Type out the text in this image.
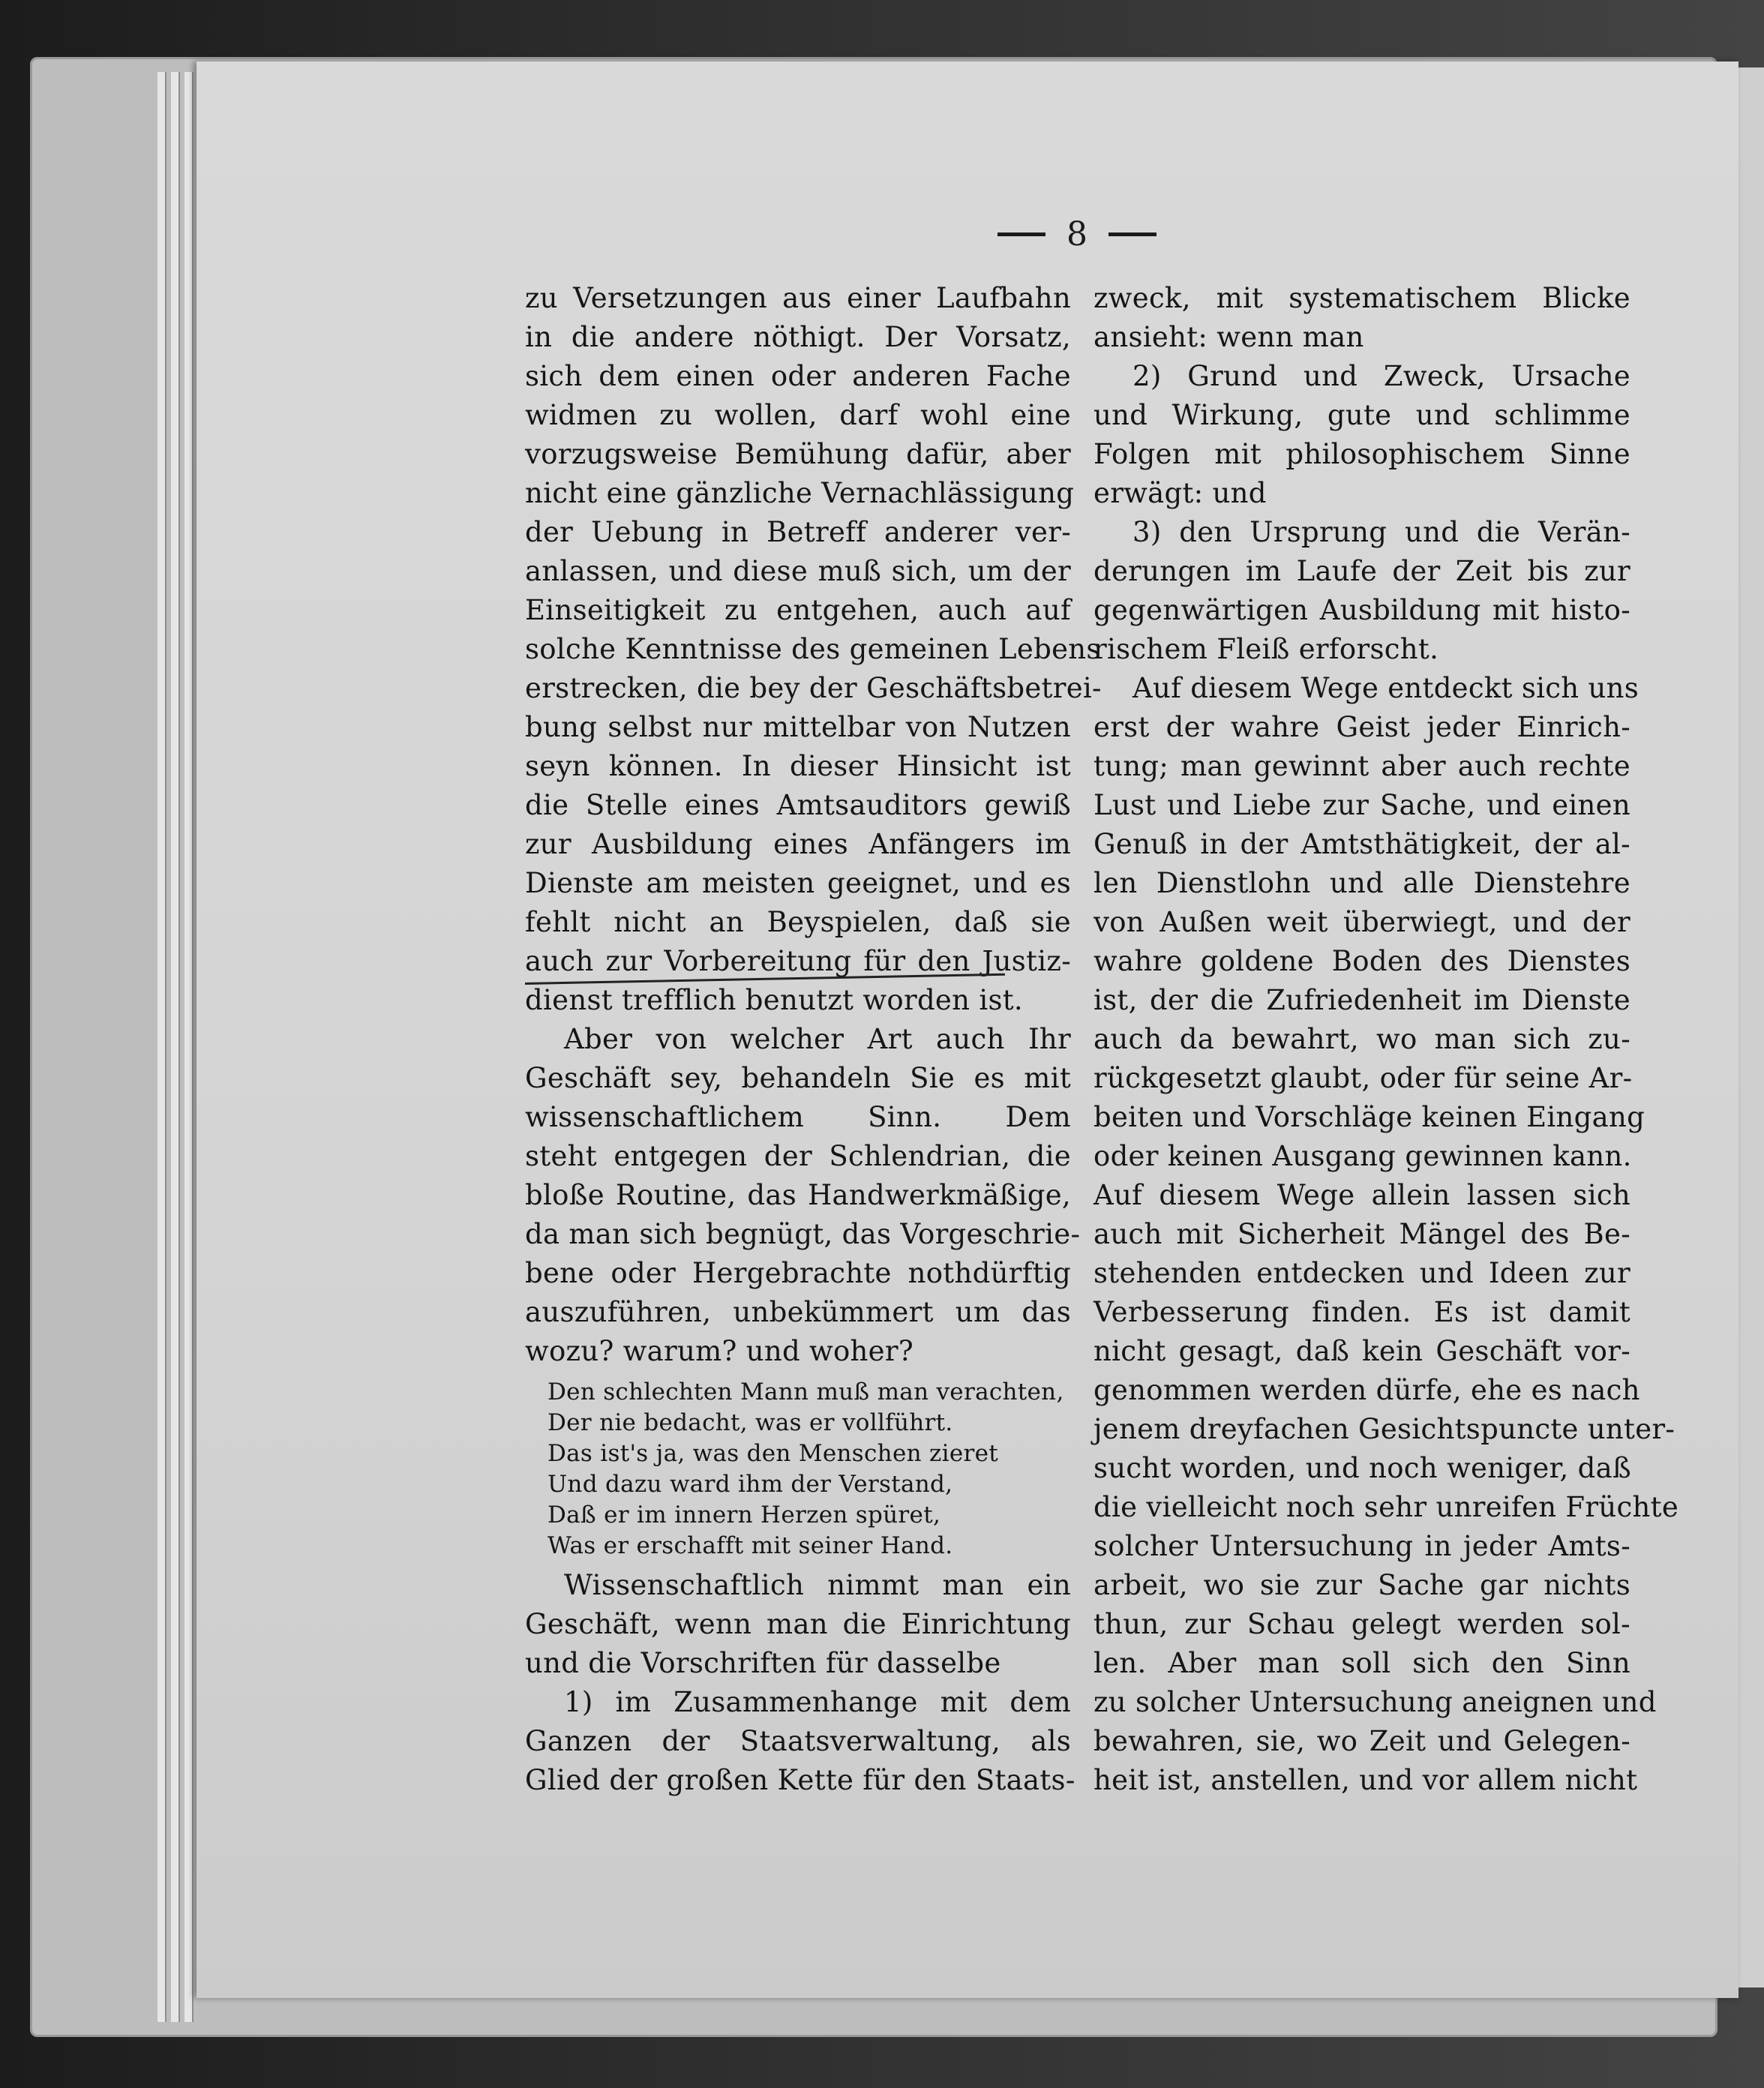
8
zu Versetzungen aus einer Laufbahn
in die andere nöthigt. Der Vorsatz,
sich dem einen oder anderen Fache
widmen zu wollen, darf wohl eine
vorzugsweise Bemühung dafür, aber
nicht eine gänzliche Vernachlässigung
der Uebung in Betreff anderer ver-
anlassen, und diese muß sich, um der
Einseitigkeit zu entgehen, auch auf
solche Kenntnisse des gemeinen Lebens
erstrecken, die bey der Geschäftsbetrei-
bung selbst nur mittelbar von Nutzen
seyn können. In dieser Hinsicht ist
die Stelle eines Amtsauditors gewiß
zur Ausbildung eines Anfängers im
Dienste am meisten geeignet, und es
fehlt nicht an Beyspielen, daß sie
auch zur Vorbereitung für den Justiz-
dienst trefflich benutzt worden ist.
Aber von welcher Art auch Ihr
Geschäft sey, behandeln Sie es mit
wissenschaftlichem Sinn. Dem
steht entgegen der Schlendrian, die
bloße Routine, das Handwerkmäßige,
da man sich begnügt, das Vorgeschrie-
bene oder Hergebrachte nothdürftig
auszuführen, unbekümmert um das
wozu? warum? und woher?
Den schlechten Mann muß man verachten,
Der nie bedacht, was er vollführt.
Das ist's ja, was den Menschen zieret
Und dazu ward ihm der Verstand,
Daß er im innern Herzen spüret,
Was er erschafft mit seiner Hand.
Wissenschaftlich nimmt man ein
Geschäft, wenn man die Einrichtung
und die Vorschriften für dasselbe
1) im Zusammenhange mit dem
Ganzen der Staatsverwaltung, als
Glied der großen Kette für den Staats-
zweck, mit systematischem Blicke
ansieht: wenn man
2) Grund und Zweck, Ursache
und Wirkung, gute und schlimme
Folgen mit philosophischem Sinne
erwägt: und
3) den Ursprung und die Verän-
derungen im Laufe der Zeit bis zur
gegenwärtigen Ausbildung mit histo-
rischem Fleiß erforscht.
Auf diesem Wege entdeckt sich uns
erst der wahre Geist jeder Einrich-
tung; man gewinnt aber auch rechte
Lust und Liebe zur Sache, und einen
Genuß in der Amtsthätigkeit, der al-
len Dienstlohn und alle Dienstehre
von Außen weit überwiegt, und der
wahre goldene Boden des Dienstes
ist, der die Zufriedenheit im Dienste
auch da bewahrt, wo man sich zu-
rückgesetzt glaubt, oder für seine Ar-
beiten und Vorschläge keinen Eingang
oder keinen Ausgang gewinnen kann.
Auf diesem Wege allein lassen sich
auch mit Sicherheit Mängel des Be-
stehenden entdecken und Ideen zur
Verbesserung finden. Es ist damit
nicht gesagt, daß kein Geschäft vor-
genommen werden dürfe, ehe es nach
jenem dreyfachen Gesichtspuncte unter-
sucht worden, und noch weniger, daß
die vielleicht noch sehr unreifen Früchte
solcher Untersuchung in jeder Amts-
arbeit, wo sie zur Sache gar nichts
thun, zur Schau gelegt werden sol-
len. Aber man soll sich den Sinn
zu solcher Untersuchung aneignen und
bewahren, sie, wo Zeit und Gelegen-
heit ist, anstellen, und vor allem nicht
